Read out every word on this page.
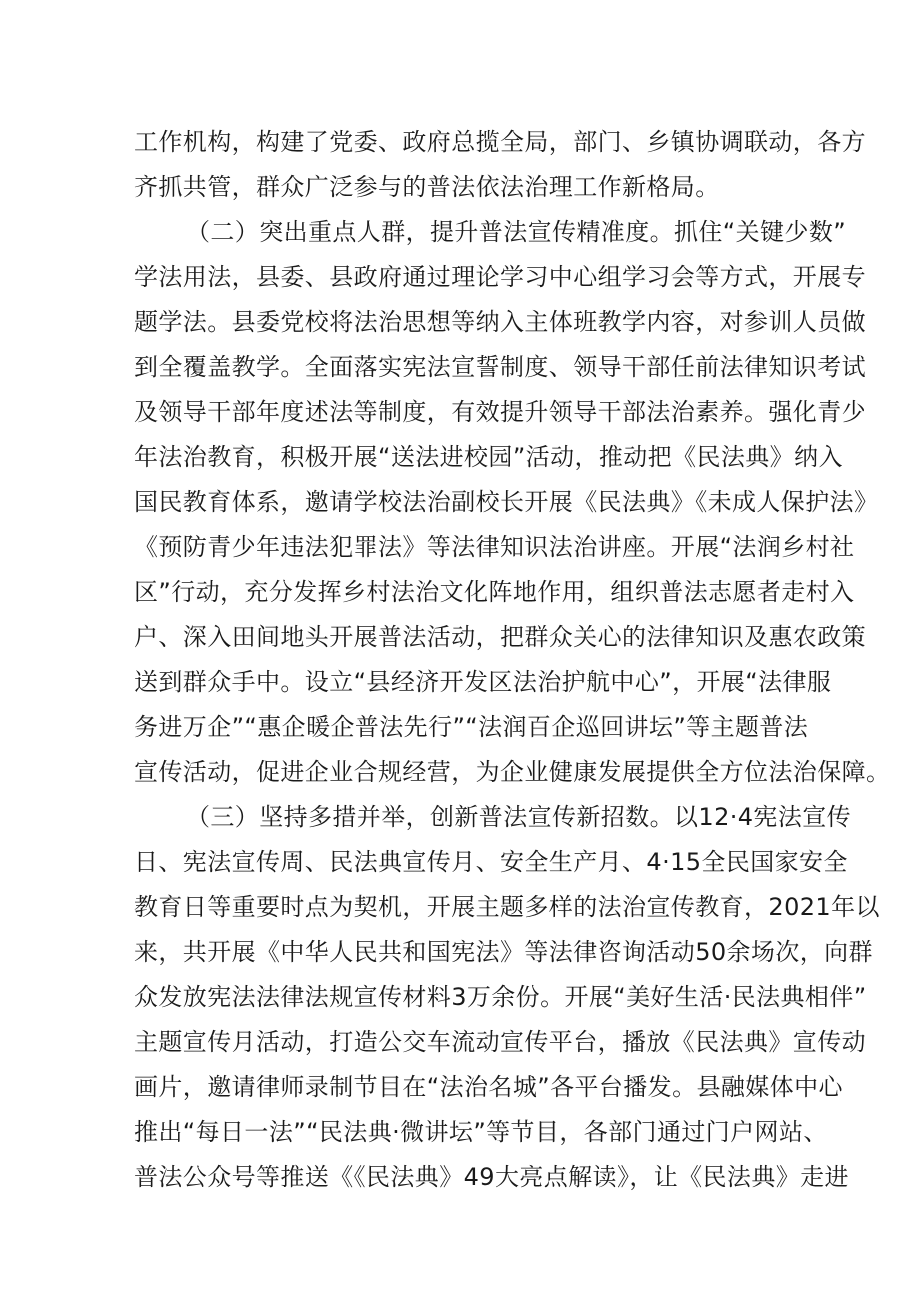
工作机构，构建了党委、政府总揽全局，部门、乡镇协调联动，各方
齐抓共管，群众广泛参与的普法依法治理工作新格局。
（二）突出重点人群，提升普法宣传精准度。抓住“关键少数”
学法用法，县委、县政府通过理论学习中心组学习会等方式，开展专
题学法。县委党校将法治思想等纳入主体班教学内容，对参训人员做
到全覆盖教学。全面落实宪法宣誓制度、领导干部任前法律知识考试
及领导干部年度述法等制度，有效提升领导干部法治素养。强化青少
年法治教育，积极开展“送法进校园”活动，推动把《民法典》纳入
国民教育体系，邀请学校法治副校长开展《民法典》《未成人保护法》
《预防青少年违法犯罪法》等法律知识法治讲座。开展“法润乡村社
区”行动，充分发挥乡村法治文化阵地作用，组织普法志愿者走村入
户、深入田间地头开展普法活动，把群众关心的法律知识及惠农政策
送到群众手中。设立“县经济开发区法治护航中心”，开展“法律服
务进万企”“惠企暖企普法先行”“法润百企巡回讲坛”等主题普法
宣传活动，促进企业合规经营，为企业健康发展提供全方位法治保障。
（三）坚持多措并举，创新普法宣传新招数。以12·4宪法宣传
日、宪法宣传周、民法典宣传月、安全生产月、4·15全民国家安全
教育日等重要时点为契机，开展主题多样的法治宣传教育，2021年以
来，共开展《中华人民共和国宪法》等法律咨询活动50余场次，向群
众发放宪法法律法规宣传材料3万余份。开展“美好生活·民法典相伴”
主题宣传月活动，打造公交车流动宣传平台，播放《民法典》宣传动
画片，邀请律师录制节目在“法治名城”各平台播发。县融媒体中心
推出“每日一法”“民法典·微讲坛”等节目，各部门通过门户网站、
普法公众号等推送《《民法典》49大亮点解读》，让《民法典》走进
